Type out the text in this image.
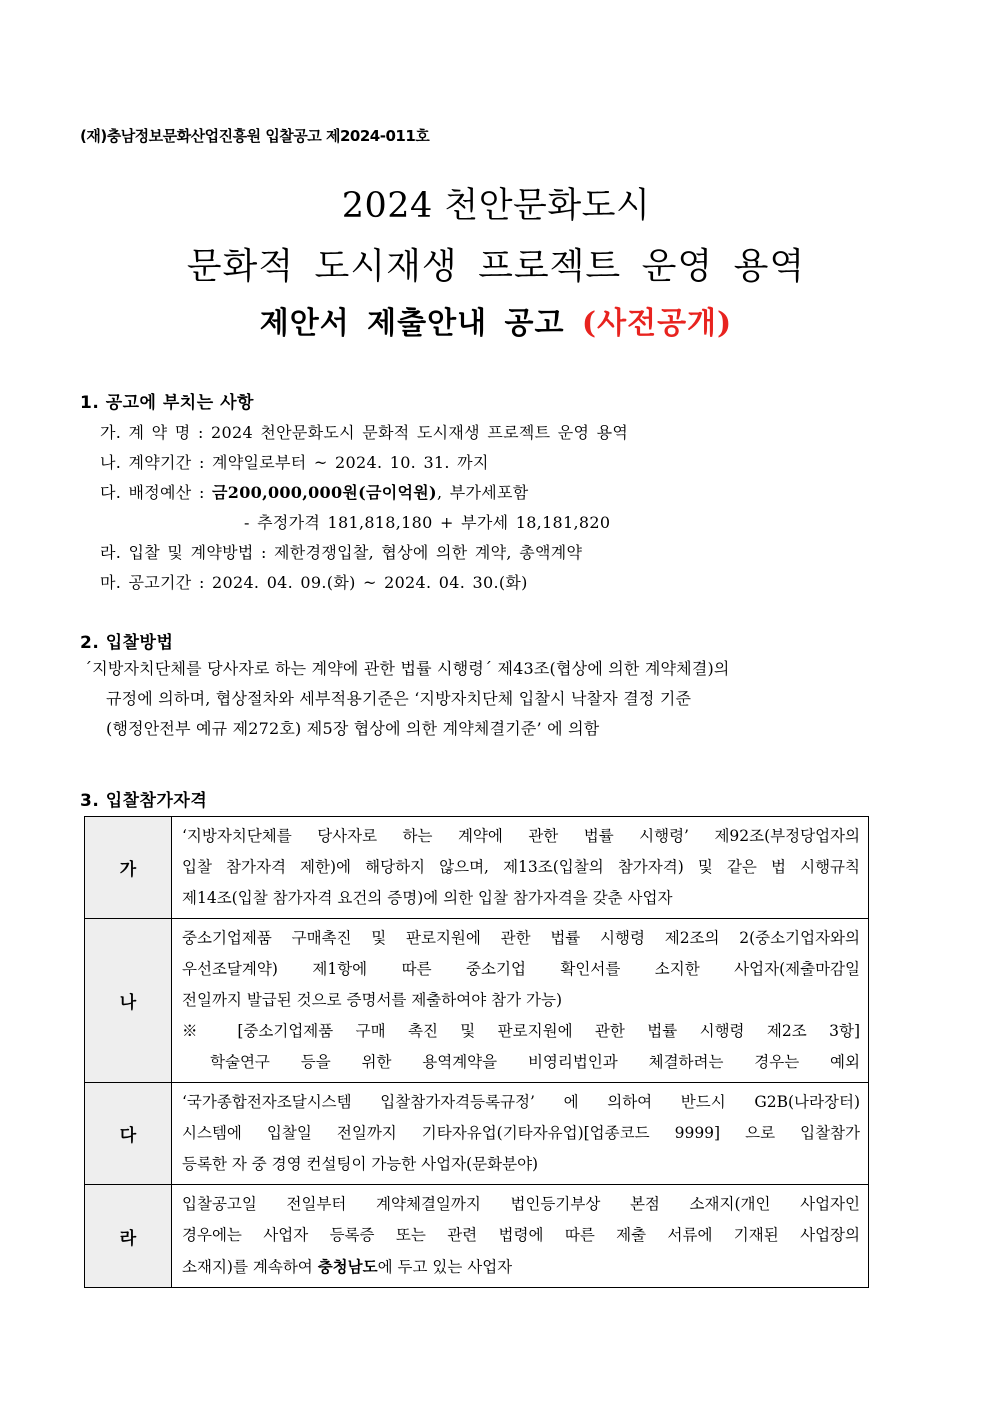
(재)충남정보문화산업진흥원 입찰공고 제2024-011호
2024 천안문화도시
문화적 도시재생 프로젝트 운영 용역
제안서 제출안내 공고 (사전공개)
1. 공고에 부치는 사항
가. 계 약 명 : 2024 천안문화도시 문화적 도시재생 프로젝트 운영 용역
나. 계약기간 : 계약일로부터 ~ 2024. 10. 31. 까지
다. 배정예산 : 금200,000,000원(금이억원), 부가세포함
- 추정가격 181,818,180 + 부가세 18,181,820
라. 입찰 및 계약방법 : 제한경쟁입찰, 협상에 의한 계약, 총액계약
마. 공고기간 : 2024. 04. 09.(화) ~ 2024. 04. 30.(화)
2. 입찰방법
´지방자치단체를 당사자로 하는 계약에 관한 법률 시행령´ 제43조(협상에 의한 계약체결)의
규정에 의하며, 협상절차와 세부적용기준은 ‘지방자치단체 입찰시 낙찰자 결정 기준
(행정안전부 예규 제272호) 제5장 협상에 의한 계약체결기준’ 에 의함
3. 입찰참가자격
가	‘지방자치단체를 당사자로 하는 계약에 관한 법률 시행령’ 제92조(부정당업자의
입찰 참가자격 제한)에 해당하지 않으며, 제13조(입찰의 참가자격) 및 같은 법 시행규칙
제14조(입찰 참가자격 요건의 증명)에 의한 입찰 참가자격을 갖춘 사업자

나	중소기업제품 구매촉진 및 판로지원에 관한 법률 시행령 제2조의 2(중소기업자와의
우선조달계약) 제1항에 따른 중소기업 확인서를 소지한 사업자(제출마감일
전일까지 발급된 것으로 증명서를 제출하여야 참가 가능)
※ [중소기업제품 구매 촉진 및 판로지원에 관한 법률 시행령 제2조 3항]
학술연구 등을 위한 용역계약을 비영리법인과 체결하려는 경우는 예외

다	‘국가종합전자조달시스템 입찰참가자격등록규정’ 에 의하여 반드시 G2B(나라장터)
시스템에 입찰일 전일까지 기타자유업(기타자유업)[업종코드 9999] 으로 입찰참가
등록한 자 중 경영 컨설팅이 가능한 사업자(문화분야)

라	입찰공고일 전일부터 계약체결일까지 법인등기부상 본점 소재지(개인 사업자인
경우에는 사업자 등록증 또는 관련 법령에 따른 제출 서류에 기재된 사업장의
소재지)를 계속하여 충청남도에 두고 있는 사업자
